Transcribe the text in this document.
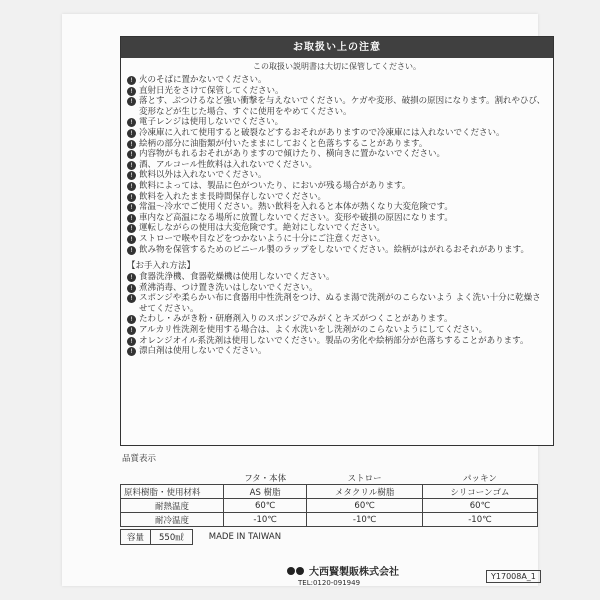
お取扱い上の注意
この取扱い説明書は大切に保管してください。
! 火のそばに置かないでください。
! 直射日光をさけて保管してください。
! 落とす、ぶつけるなど強い衝撃を与えないでください。ケガや変形、破損の原因になります。割れやひび、変形などが生じた場合、すぐに使用をやめてください。
! 電子レンジは使用しないでください。
! 冷凍庫に入れて使用すると破裂などするおそれがありますので冷凍庫には入れないでください。
! 絵柄の部分に油脂類が付いたままにしておくと色落ちすることがあります。
! 内容物がもれるおそれがありますので傾けたり、横向きに置かないでください。
! 酒、アルコール性飲料は入れないでください。
! 飲料以外は入れないでください。
! 飲料によっては、製品に色がついたり、においが残る場合があります。
! 飲料を入れたまま長時間保存しないでください。
! 常温〜冷水でご使用ください。熱い飲料を入れると本体が熱くなり大変危険です。
! 車内など高温になる場所に放置しないでください。変形や破損の原因になります。
! 運転しながらの使用は大変危険です。絶対にしないでください。
! ストローで喉や目などをつかないように十分にご注意ください。
! 飲み物を保管するためのビニール製のラップをしないでください。絵柄がはがれるおそれがあります。
【お手入れ方法】
! 食器洗浄機、食器乾燥機は使用しないでください。
! 煮沸消毒、つけ置き洗いはしないでください。
! スポンジや柔らかい布に食器用中性洗剤をつけ、ぬるま湯で洗剤がのこらないよう よく洗い十分に乾燥させてください。
! たわし・みがき粉・研磨剤入りのスポンジでみがくとキズがつくことがあります。
! アルカリ性洗剤を使用する場合は、よく水洗いをし洗剤がのこらないようにしてください。
! オレンジオイル系洗剤は使用しないでください。製品の劣化や絵柄部分が色落ちすることがあります。
! 漂白剤は使用しないでください。
品質表示
	フタ・本体	ストロー	パッキン
原料樹脂・使用材料	AS 樹脂	メタクリル樹脂	シリコーンゴム
耐熱温度	60℃	60℃	60℃
耐冷温度	-10℃	-10℃	-10℃
容量	550㎖	MADE IN TAIWAN
大西賢製販株式会社
TEL:0120-091949
Y17008A_1
